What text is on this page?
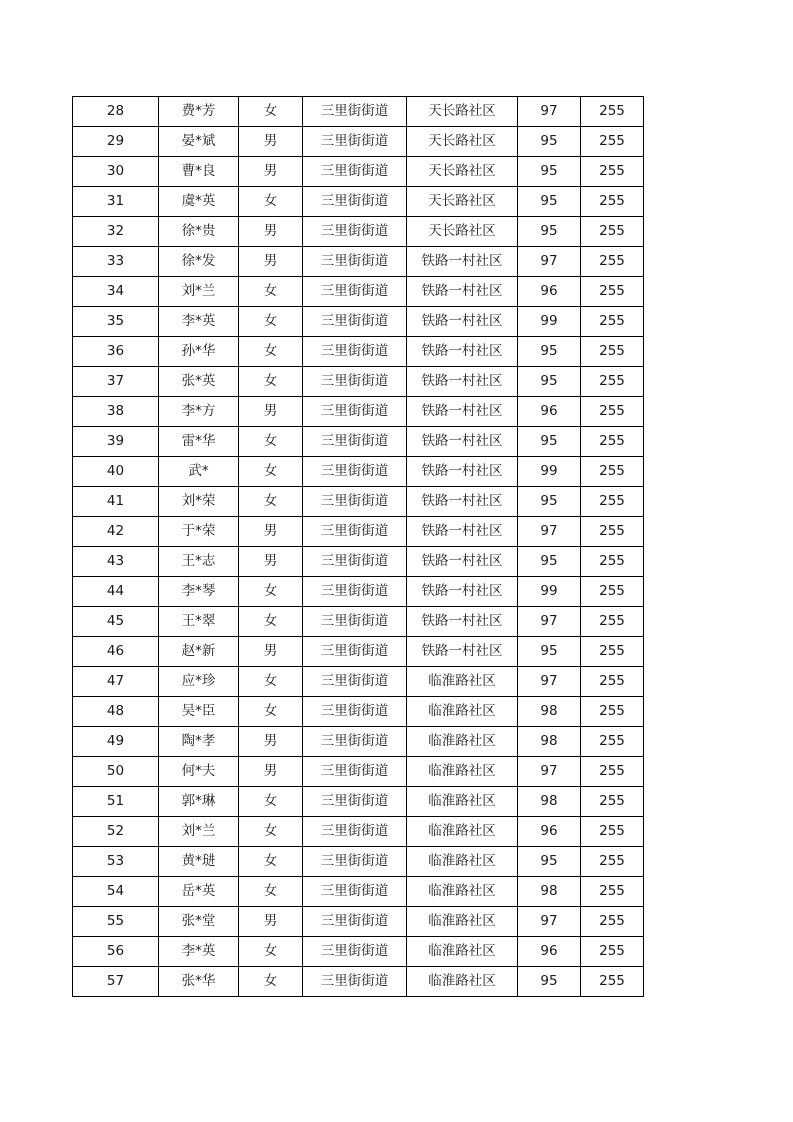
28	费*芳	女	三里街街道	天长路社区	97	255
29	晏*斌	男	三里街街道	天长路社区	95	255
30	曹*良	男	三里街街道	天长路社区	95	255
31	虞*英	女	三里街街道	天长路社区	95	255
32	徐*贵	男	三里街街道	天长路社区	95	255
33	徐*发	男	三里街街道	铁路一村社区	97	255
34	刘*兰	女	三里街街道	铁路一村社区	96	255
35	李*英	女	三里街街道	铁路一村社区	99	255
36	孙*华	女	三里街街道	铁路一村社区	95	255
37	张*英	女	三里街街道	铁路一村社区	95	255
38	李*方	男	三里街街道	铁路一村社区	96	255
39	雷*华	女	三里街街道	铁路一村社区	95	255
40	武*	女	三里街街道	铁路一村社区	99	255
41	刘*荣	女	三里街街道	铁路一村社区	95	255
42	于*荣	男	三里街街道	铁路一村社区	97	255
43	王*志	男	三里街街道	铁路一村社区	95	255
44	李*琴	女	三里街街道	铁路一村社区	99	255
45	王*翠	女	三里街街道	铁路一村社区	97	255
46	赵*新	男	三里街街道	铁路一村社区	95	255
47	应*珍	女	三里街街道	临淮路社区	97	255
48	吴*臣	女	三里街街道	临淮路社区	98	255
49	陶*孝	男	三里街街道	临淮路社区	98	255
50	何*夫	男	三里街街道	临淮路社区	97	255
51	郭*琳	女	三里街街道	临淮路社区	98	255
52	刘*兰	女	三里街街道	临淮路社区	96	255
53	黄*琎	女	三里街街道	临淮路社区	95	255
54	岳*英	女	三里街街道	临淮路社区	98	255
55	张*堂	男	三里街街道	临淮路社区	97	255
56	李*英	女	三里街街道	临淮路社区	96	255
57	张*华	女	三里街街道	临淮路社区	95	255
